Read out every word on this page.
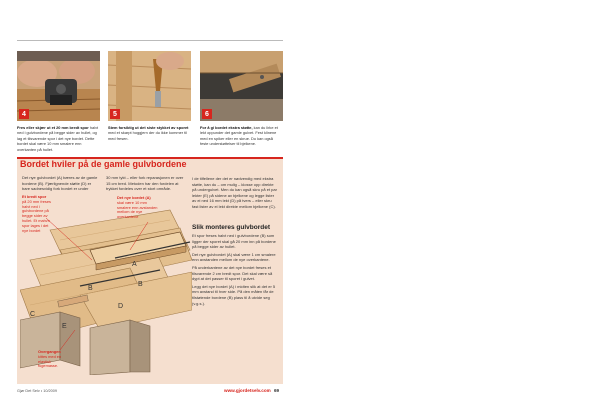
4	5	6
Fres eller skjær ut et 20 mm bredt spor halvt ned i gulvbordene på begge sider av hullet, og lag et tilsvarende spor i det nye bordet. Dette bordet skal være 10 mm smalere enn overkanten på hullet.
Stem forsiktig ut det siste stykket av sporet med et skarpt hoggjern der du ikke kommer til med fresen.
For å gi bordet ekstra støtte, kan du lirke et lekt oppunder det gamle gulvet. Fest klinene med en spiker eller en skrue. Du kan også feste understøttelser til bjelkene.
Bordet hviler på de gamle gulvbordene
Det nye gulvbordet (A) bæres av de gamle bordene (B). Fjærlignende støtte (D) er bare sadnesvidig fork bordet er under
30 mm tykt – eller fork reparasjonen er over 15 cm bred. Metoden har den fordelen at trykket fordeles over et stort område.
I de tilfellene der det er nødvendig med ekstra støtte, kan du – om mulig – klosse opp direkte på undergulvet. Men du kan også skru på et par lekter (E) på sidene av bjelkene og legge lister av ei ned 16 mm lekt (D) på tvers – eller skru fast lister av ei lekt direkte mellom bjelkene (C).
Slik monteres gulvbordet

Et spor freses halvt ned i gulvbordene (B) som ligger der sporet skal gå 20 mm inn på bordene på begge sider av hullet.

Det nye gulvbordet (A) skal være 1 cm smalere enn avstanden mellom de nye overkantene.

På underkantene av det nye bordet freses et tilsvarende 2 cm bredt spor. Det skal være så dypt at det passer til sporet i gulvet.

Legg det nye bordet (A) i midten slik at det er 5 mm avstand til hver side. På den måten får de tilstøtende bordene (B) plass til å utvide seg (v.g.s.).

A
B
B
C
D
E
Et bredt spor
på 20 mm freses halvt ned i gulvbordene på begge sider av hullet. Et mahvn spor lages i det nye bordet
Det nye bordet (A)
skal være 10 mm smalere enn avstanden mellom de nye overkantene
Overgangen
kittes med en elastisk fugemasse.
Gjør Det Selv • 10/2009	www.gjordetselv.com 69
